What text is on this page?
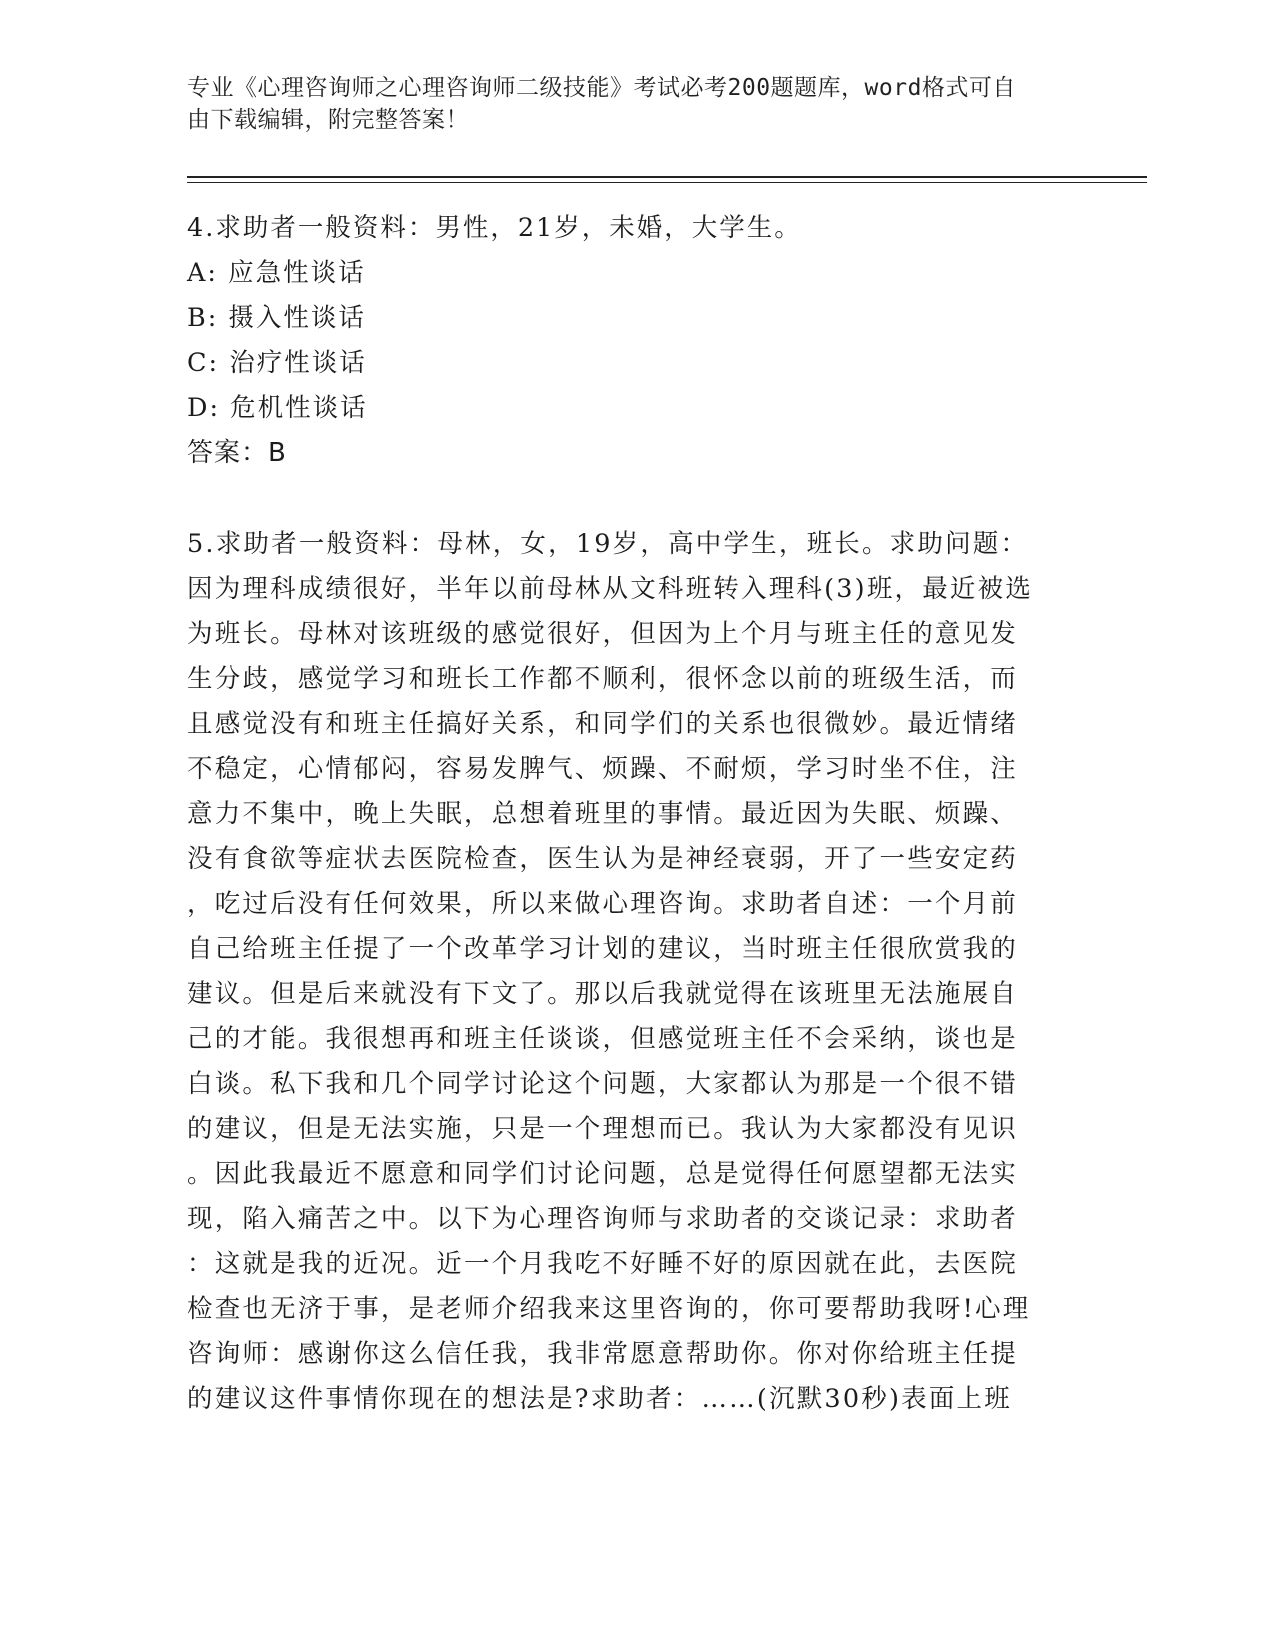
专业《心理咨询师之心理咨询师二级技能》考试必考200题题库，word格式可自
由下载编辑，附完整答案！
4.求助者一般资料：男性，21岁，未婚，大学生。
A: 应急性谈话
B: 摄入性谈话
C: 治疗性谈话
D: 危机性谈话
答案：B
5.求助者一般资料：母林，女，19岁，高中学生，班长。求助问题：
因为理科成绩很好，半年以前母林从文科班转入理科(3)班，最近被选
为班长。母林对该班级的感觉很好，但因为上个月与班主任的意见发
生分歧，感觉学习和班长工作都不顺利，很怀念以前的班级生活，而
且感觉没有和班主任搞好关系，和同学们的关系也很微妙。最近情绪
不稳定，心情郁闷，容易发脾气、烦躁、不耐烦，学习时坐不住，注
意力不集中，晚上失眠，总想着班里的事情。最近因为失眠、烦躁、
没有食欲等症状去医院检查，医生认为是神经衰弱，开了一些安定药
，吃过后没有任何效果，所以来做心理咨询。求助者自述：一个月前
自己给班主任提了一个改革学习计划的建议，当时班主任很欣赏我的
建议。但是后来就没有下文了。那以后我就觉得在该班里无法施展自
己的才能。我很想再和班主任谈谈，但感觉班主任不会采纳，谈也是
白谈。私下我和几个同学讨论这个问题，大家都认为那是一个很不错
的建议，但是无法实施，只是一个理想而已。我认为大家都没有见识
。因此我最近不愿意和同学们讨论问题，总是觉得任何愿望都无法实
现，陷入痛苦之中。以下为心理咨询师与求助者的交谈记录：求助者
：这就是我的近况。近一个月我吃不好睡不好的原因就在此，去医院
检查也无济于事，是老师介绍我来这里咨询的，你可要帮助我呀!心理
咨询师：感谢你这么信任我，我非常愿意帮助你。你对你给班主任提
的建议这件事情你现在的想法是?求助者：……(沉默30秒)表面上班
